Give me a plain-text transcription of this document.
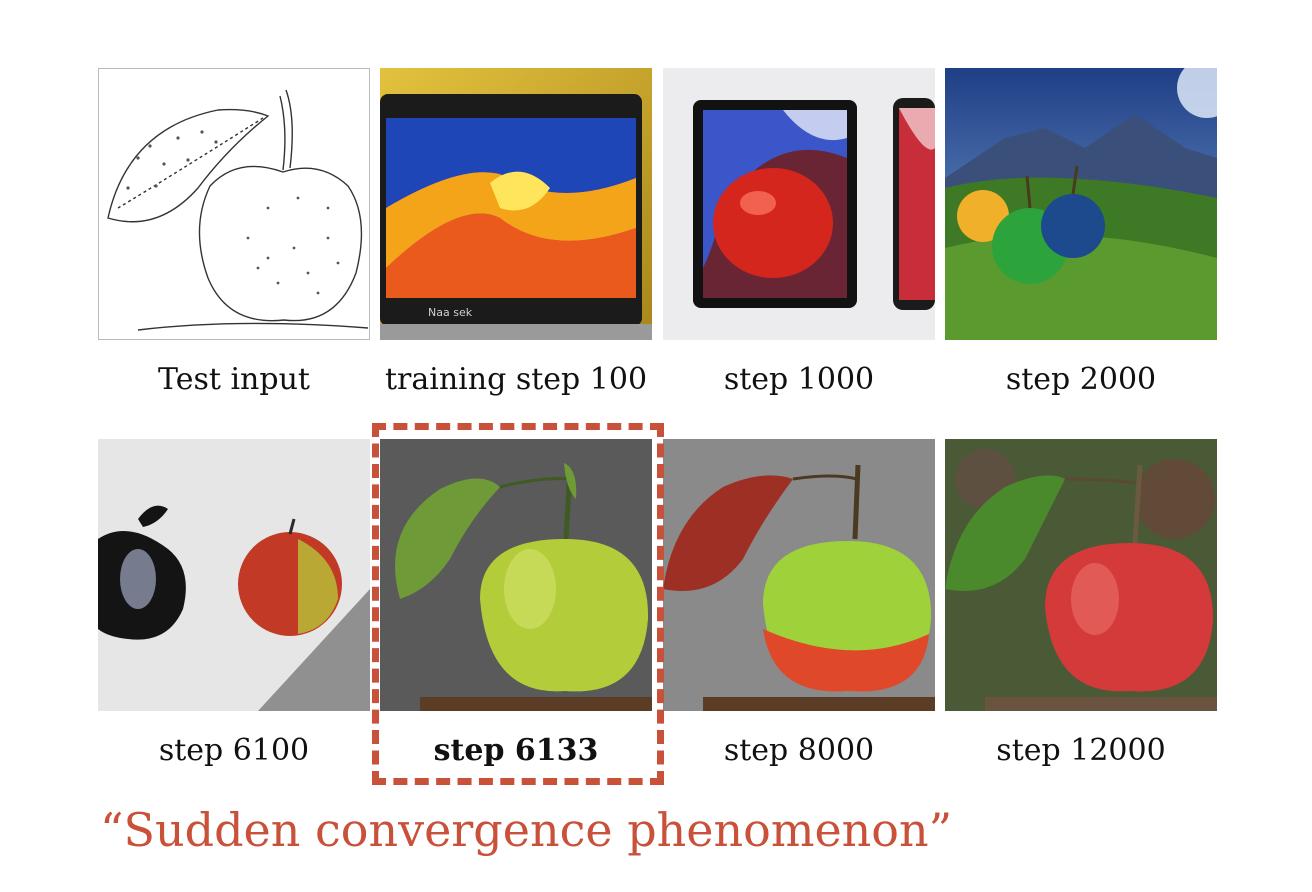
Test input
Naa sek
training step 100	step 1000	step 2000
step 6100	step 6133	step 8000	step 12000
“Sudden convergence phenomenon”
